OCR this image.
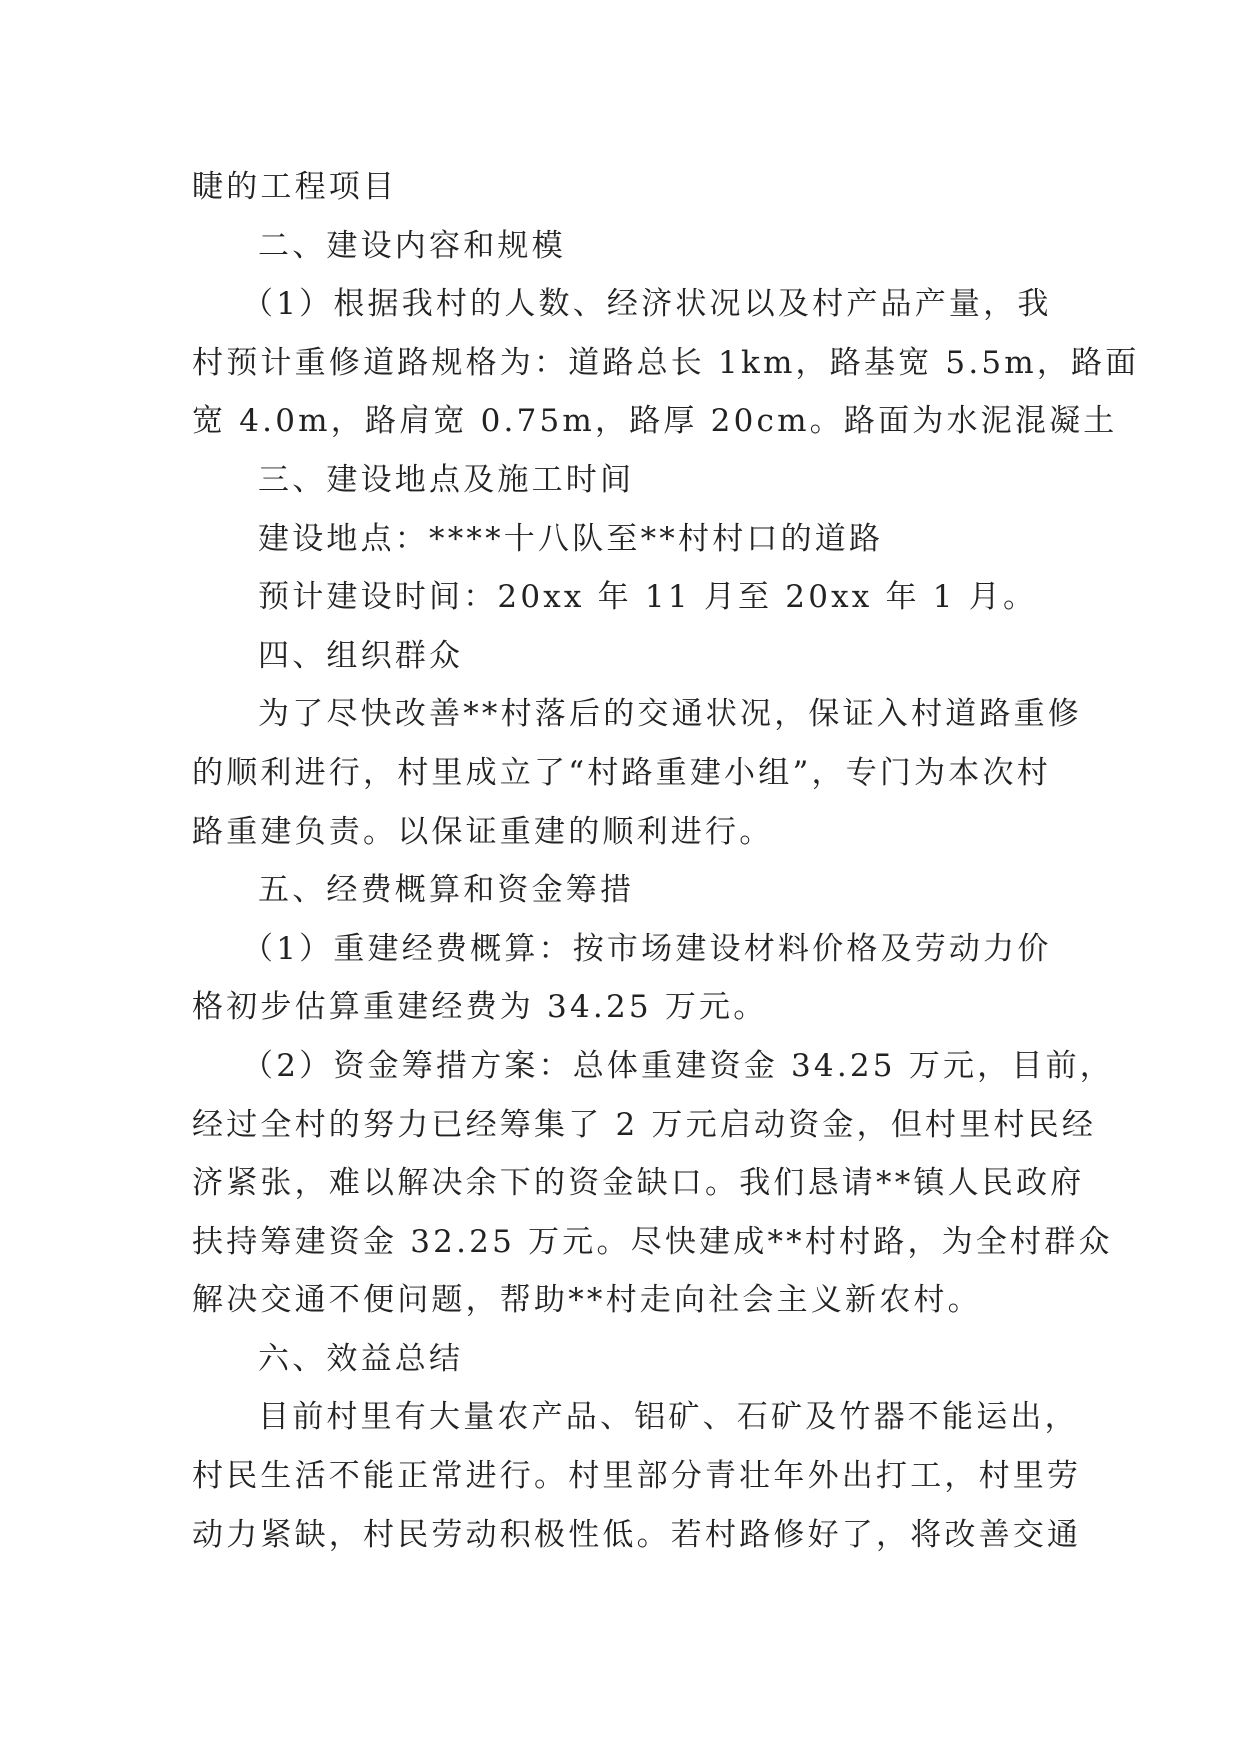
睫的工程项目
二、建设内容和规模
（1）根据我村的人数、经济状况以及村产品产量，我
村预计重修道路规格为：道路总长 1km，路基宽 5.5m，路面
宽 4.0m，路肩宽 0.75m，路厚 20cm。路面为水泥混凝土
三、建设地点及施工时间
建设地点：****十八队至**村村口的道路
预计建设时间：20xx 年 11 月至 20xx 年 1 月。
四、组织群众
为了尽快改善**村落后的交通状况，保证入村道路重修
的顺利进行，村里成立了“村路重建小组”，专门为本次村
路重建负责。以保证重建的顺利进行。
五、经费概算和资金筹措
（1）重建经费概算：按市场建设材料价格及劳动力价
格初步估算重建经费为 34.25 万元。
（2）资金筹措方案：总体重建资金 34.25 万元，目前，
经过全村的努力已经筹集了 2 万元启动资金，但村里村民经
济紧张，难以解决余下的资金缺口。我们恳请**镇人民政府
扶持筹建资金 32.25 万元。尽快建成**村村路，为全村群众
解决交通不便问题，帮助**村走向社会主义新农村。
六、效益总结
目前村里有大量农产品、铝矿、石矿及竹器不能运出，
村民生活不能正常进行。村里部分青壮年外出打工，村里劳
动力紧缺，村民劳动积极性低。若村路修好了，将改善交通
